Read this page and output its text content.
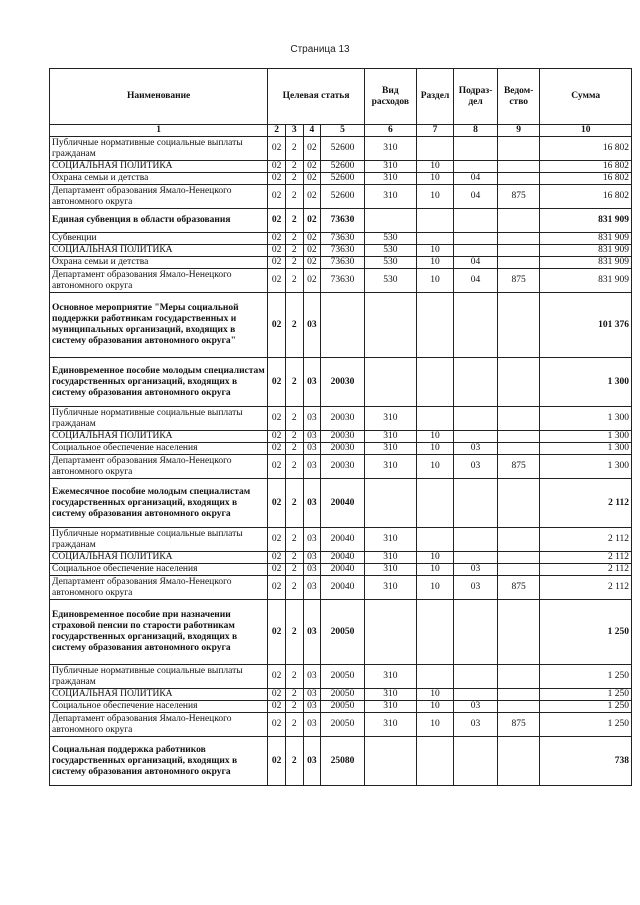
Страница 13
Наименование	Целевая статья				Вид расходов	Раздел	Подраз-дел	Ведом-ство	Сумма
1	2	3	4	5	6	7	8	9	10
Публичные нормативные социальные выплаты гражданам	02	2	02	52600	310				16 802
СОЦИАЛЬНАЯ ПОЛИТИКА	02	2	02	52600	310	10			16 802
Охрана семьи и детства	02	2	02	52600	310	10	04		16 802
Департамент образования Ямало-Ненецкого автономного округа	02	2	02	52600	310	10	04	875	16 802
Единая субвенция в области образования	02	2	02	73630					831 909
Субвенции	02	2	02	73630	530				831 909
СОЦИАЛЬНАЯ ПОЛИТИКА	02	2	02	73630	530	10			831 909
Охрана семьи и детства	02	2	02	73630	530	10	04		831 909
Департамент образования Ямало-Ненецкого автономного округа	02	2	02	73630	530	10	04	875	831 909
Основное мероприятие "Меры социальной поддержки работникам государственных и муниципальных организаций, входящих в систему образования автономного округа"	02	2	03						101 376
Единовременное пособие молодым специалистам государственных организаций, входящих в систему образования автономного округа	02	2	03	20030					1 300
Публичные нормативные социальные выплаты гражданам	02	2	03	20030	310				1 300
СОЦИАЛЬНАЯ ПОЛИТИКА	02	2	03	20030	310	10			1 300
Социальное обеспечение населения	02	2	03	20030	310	10	03		1 300
Департамент образования Ямало-Ненецкого автономного округа	02	2	03	20030	310	10	03	875	1 300
Ежемесячное пособие молодым специалистам государственных организаций, входящих в систему образования автономного округа	02	2	03	20040					2 112
Публичные нормативные социальные выплаты гражданам	02	2	03	20040	310				2 112
СОЦИАЛЬНАЯ ПОЛИТИКА	02	2	03	20040	310	10			2 112
Социальное обеспечение населения	02	2	03	20040	310	10	03		2 112
Департамент образования Ямало-Ненецкого автономного округа	02	2	03	20040	310	10	03	875	2 112
Единовременное пособие при назначении страховой пенсии по старости работникам государственных организаций, входящих в систему образования автономного округа	02	2	03	20050					1 250
Публичные нормативные социальные выплаты гражданам	02	2	03	20050	310				1 250
СОЦИАЛЬНАЯ ПОЛИТИКА	02	2	03	20050	310	10			1 250
Социальное обеспечение населения	02	2	03	20050	310	10	03		1 250
Департамент образования Ямало-Ненецкого автономного округа	02	2	03	20050	310	10	03	875	1 250
Социальная поддержка работников государственных организаций, входящих в систему образования автономного округа	02	2	03	25080					738
